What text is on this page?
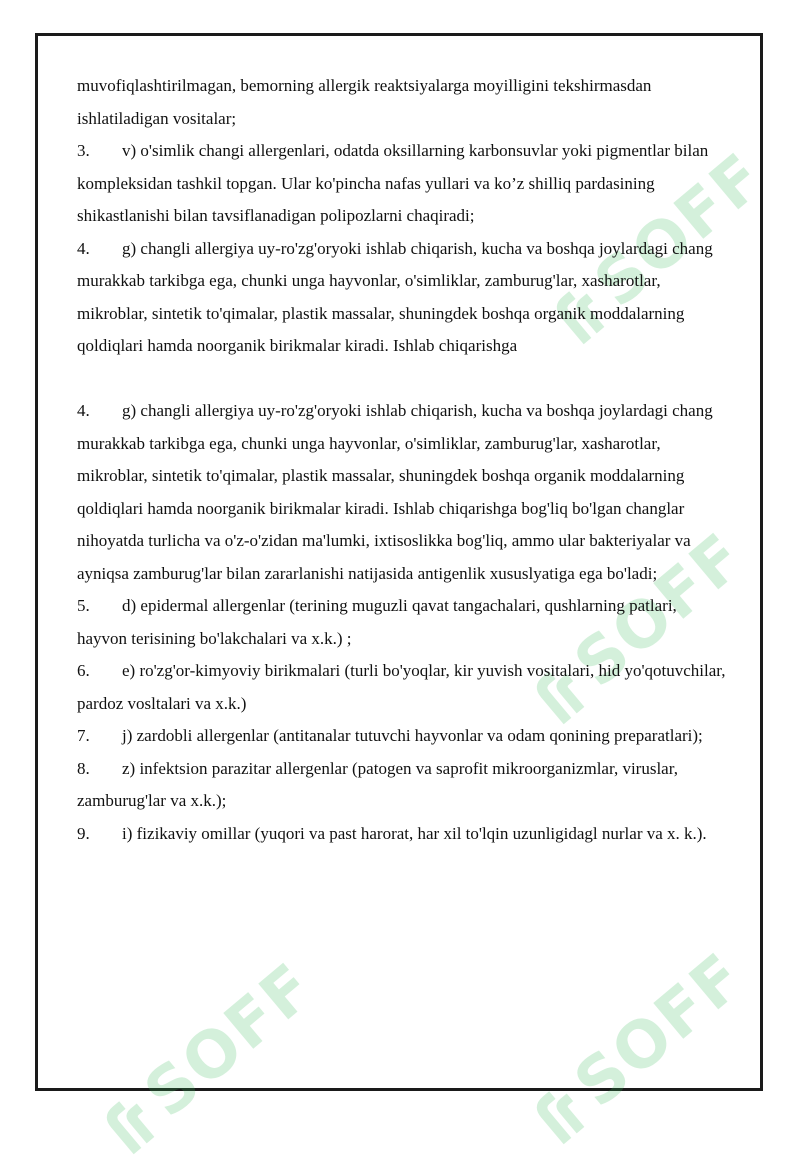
SOFF
SOFF
SOFF	SOFF

muvofiqlashtirilmagan, bemorning allergik reaktsiyalarga moyilligini tekshirmasdan ishlatiladigan vositalar;

3. v) o'simlik changi allergenlari, odatda oksillarning karbonsuvlar yoki pigmentlar bilan kompleksidan tashkil topgan. Ular ko'pincha nafas yullari va ko’z shilliq pardasining shikastlanishi bilan tavsiflanadigan polipozlarni chaqiradi;

4. g) changli allergiya uy-ro'zg'oryoki ishlab chiqarish, kucha va boshqa joylardagi chang murakkab tarkibga ega, chunki unga hayvonlar, o'simliklar, zamburug'lar, xasharotlar, mikroblar, sintetik to'qimalar, plastik massalar, shuningdek boshqa organik moddalarning qoldiqlari hamda noorganik birikmalar kiradi. Ishlab chiqarishga

4. g) changli allergiya uy-ro'zg'oryoki ishlab chiqarish, kucha va boshqa joylardagi chang murakkab tarkibga ega, chunki unga hayvonlar, o'simliklar, zamburug'lar, xasharotlar, mikroblar, sintetik to'qimalar, plastik massalar, shuningdek boshqa organik moddalarning qoldiqlari hamda noorganik birikmalar kiradi. Ishlab chiqarishga bog'liq bo'lgan changlar nihoyatda turlicha va o'z-o'zidan ma'lumki, ixtisoslikka bog'liq, ammo ular bakteriyalar va ayniqsa zamburug'lar bilan zararlanishi natijasida antigenlik xususlyatiga ega bo'ladi;

5. d) epidermal allergenlar (terining muguzli qavat tangachalari, qushlarning patlari, hayvon terisining bo'lakchalari va x.k.) ;

6. e) ro'zg'or-kimyoviy birikmalari (turli bo'yoqlar, kir yuvish vositalari, hid yo'qotuvchilar, pardoz vosltalari va x.k.)

7. j) zardobli allergenlar (antitanalar tutuvchi hayvonlar va odam qonining preparatlari);

8. z) infektsion parazitar allergenlar (patogen va saprofit mikroorganizmlar, viruslar, zamburug'lar va x.k.);

9. i) fizikaviy omillar (yuqori va past harorat, har xil to'lqin uzunligidagl nurlar va x. k.).
